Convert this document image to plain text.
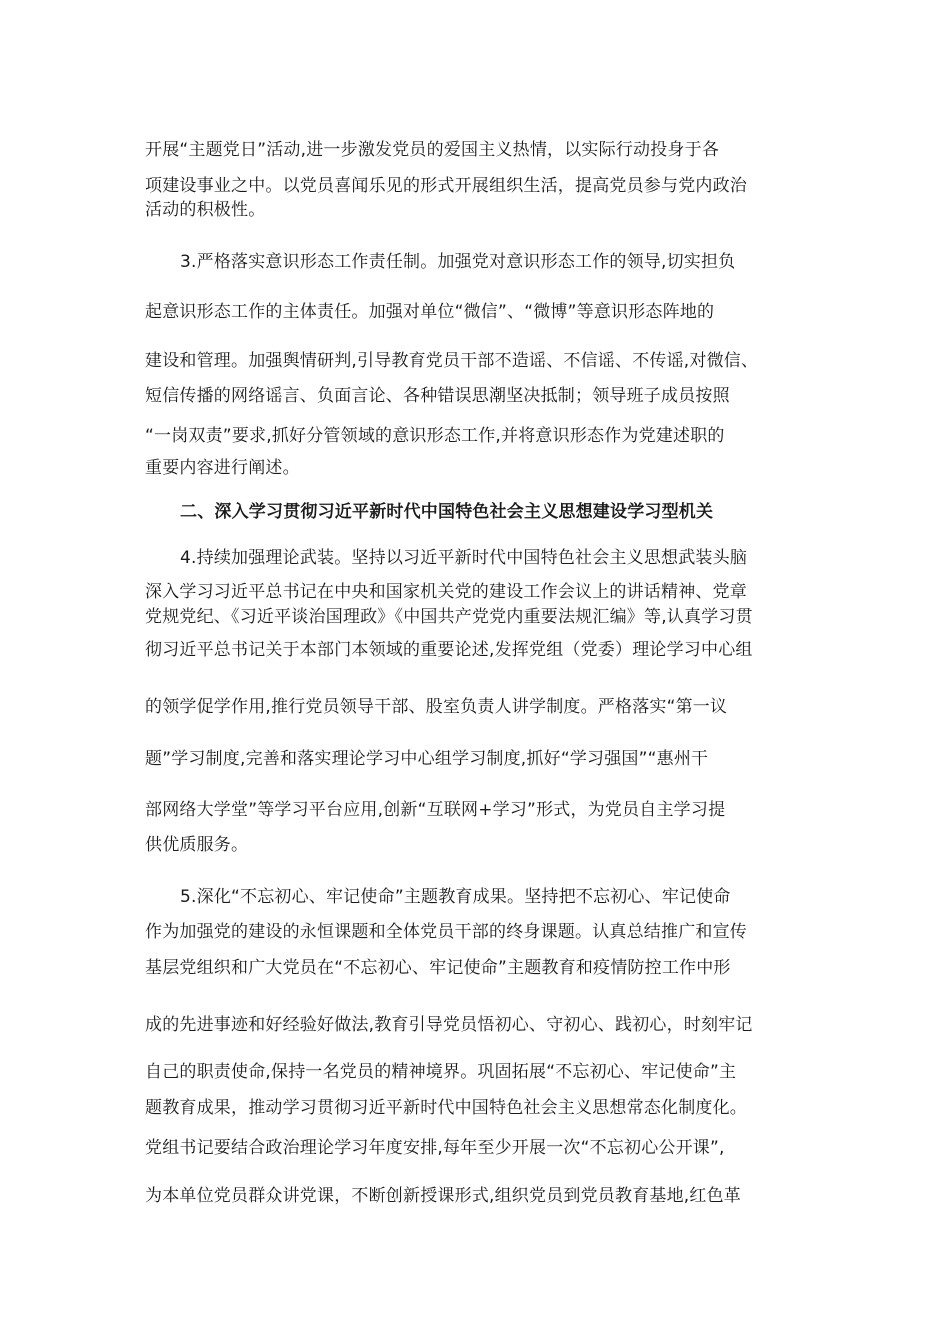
开展“主题党日”活动,进一步激发党员的爱国主义热情，以实际行动投身于各
项建设事业之中。以党员喜闻乐见的形式开展组织生活，提高党员参与党内政治
活动的积极性。
3.严格落实意识形态工作责任制。加强党对意识形态工作的领导,切实担负
起意识形态工作的主体责任。加强对单位“微信”、“微博”等意识形态阵地的
建设和管理。加强舆情研判,引导教育党员干部不造谣、不信谣、不传谣,对微信、
短信传播的网络谣言、负面言论、各种错误思潮坚决抵制；领导班子成员按照
“一岗双责”要求,抓好分管领域的意识形态工作,并将意识形态作为党建述职的
重要内容进行阐述。
二、深入学习贯彻习近平新时代中国特色社会主义思想建设学习型机关
4.持续加强理论武装。坚持以习近平新时代中国特色社会主义思想武装头脑
深入学习习近平总书记在中央和国家机关党的建设工作会议上的讲话精神、党章
党规党纪、《习近平谈治国理政》《中国共产党党内重要法规汇编》等,认真学习贯
彻习近平总书记关于本部门本领域的重要论述,发挥党组（党委）理论学习中心组
的领学促学作用,推行党员领导干部、股室负责人讲学制度。严格落实“第一议
题”学习制度,完善和落实理论学习中心组学习制度,抓好“学习强国”“惠州干
部网络大学堂”等学习平台应用,创新“互联网+学习”形式，为党员自主学习提
供优质服务。
5.深化“不忘初心、牢记使命”主题教育成果。坚持把不忘初心、牢记使命
作为加强党的建设的永恒课题和全体党员干部的终身课题。认真总结推广和宣传
基层党组织和广大党员在“不忘初心、牢记使命”主题教育和疫情防控工作中形
成的先进事迹和好经验好做法,教育引导党员悟初心、守初心、践初心，时刻牢记
自己的职责使命,保持一名党员的精神境界。巩固拓展“不忘初心、牢记使命”主
题教育成果，推动学习贯彻习近平新时代中国特色社会主义思想常态化制度化。
党组书记要结合政治理论学习年度安排,每年至少开展一次“不忘初心公开课”,
为本单位党员群众讲党课，不断创新授课形式,组织党员到党员教育基地,红色革
